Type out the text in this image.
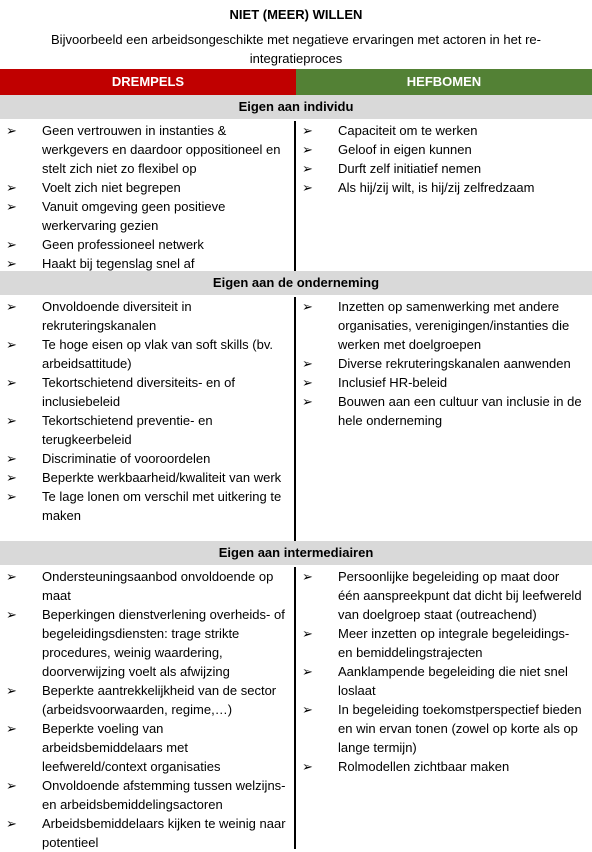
NIET (MEER) WILLEN
Bijvoorbeeld een arbeidsongeschikte met negatieve ervaringen met actoren in het re-integratieproces
DREMPELS	HEFBOMEN
Eigen aan individu
➢ Geen vertrouwen in instanties & werkgevers en daardoor oppositioneel en stelt zich niet zo flexibel op
➢ Voelt zich niet begrepen
➢ Vanuit omgeving geen positieve werkervaring gezien
➢ Geen professioneel netwerk
➢ Haakt bij tegenslag snel af
➢ Capaciteit om te werken
➢ Geloof in eigen kunnen
➢ Durft zelf initiatief nemen
➢ Als hij/zij wilt, is hij/zij zelfredzaam
Eigen aan de onderneming
➢ Onvoldoende diversiteit in rekruteringskanalen
➢ Te hoge eisen op vlak van soft skills (bv. arbeidsattitude)
➢ Tekortschietend diversiteits- en of inclusiebeleid
➢ Tekortschietend preventie- en terugkeerbeleid
➢ Discriminatie of vooroordelen
➢ Beperkte werkbaarheid/kwaliteit van werk
➢ Te lage lonen om verschil met uitkering te maken
➢ Inzetten op samenwerking met andere organisaties, verenigingen/instanties die werken met doelgroepen
➢ Diverse rekruteringskanalen aanwenden
➢ Inclusief HR-beleid
➢ Bouwen aan een cultuur van inclusie in de hele onderneming
Eigen aan intermediairen
➢ Ondersteuningsaanbod onvoldoende op maat
➢ Beperkingen dienstverlening overheids- of begeleidingsdiensten: trage strikte procedures, weinig waardering, doorverwijzing voelt als afwijzing
➢ Beperkte aantrekkelijkheid van de sector (arbeidsvoorwaarden, regime,…)
➢ Beperkte voeling van arbeidsbemiddelaars met leefwereld/context organisaties
➢ Onvoldoende afstemming tussen welzijns- en arbeidsbemiddelingsactoren
➢ Arbeidsbemiddelaars kijken te weinig naar potentieel
➢ Persoonlijke begeleiding op maat door één aanspreekpunt dat dicht bij leefwereld van doelgroep staat (outreachend)
➢ Meer inzetten op integrale begeleidings- en bemiddelingstrajecten
➢ Aanklampende begeleiding die niet snel loslaat
➢ In begeleiding toekomstperspectief bieden en win ervan tonen (zowel op korte als op lange termijn)
➢ Rolmodellen zichtbaar maken
